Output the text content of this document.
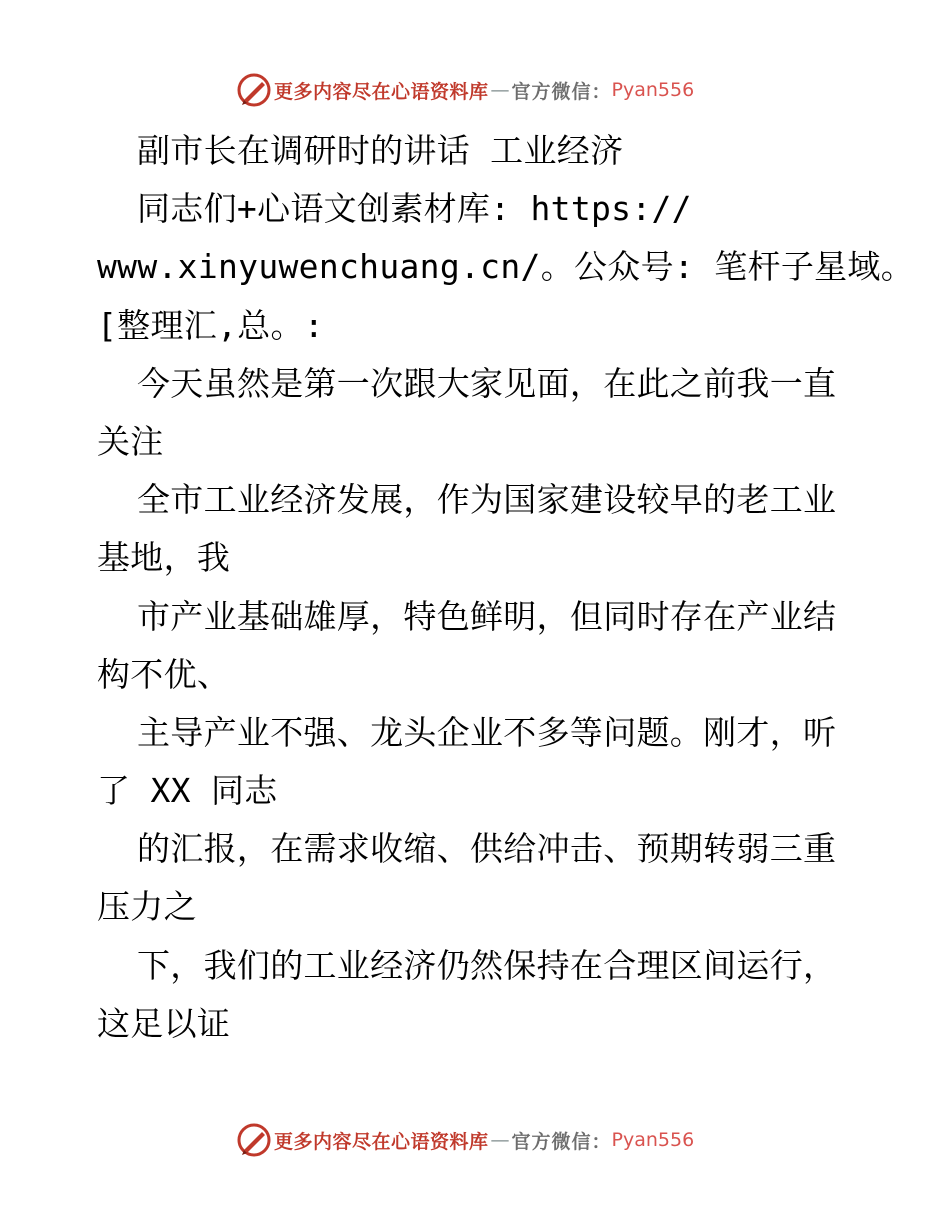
更多内容尽在心语资料库 — 官方微信： Pyan556
副市长在调研时的讲话 工业经济
同志们+心语文创素材库: https://
www.xinyuwenchuang.cn/。公众号: 笔杆子星域。
[整理汇,总。:
今天虽然是第一次跟大家见面，在此之前我一直
关注
全市工业经济发展，作为国家建设较早的老工业
基地，我
市产业基础雄厚，特色鲜明，但同时存在产业结
构不优、
主导产业不强、龙头企业不多等问题。刚才，听
了 XX 同志
的汇报，在需求收缩、供给冲击、预期转弱三重
压力之
下，我们的工业经济仍然保持在合理区间运行，
这足以证
更多内容尽在心语资料库 — 官方微信： Pyan556
